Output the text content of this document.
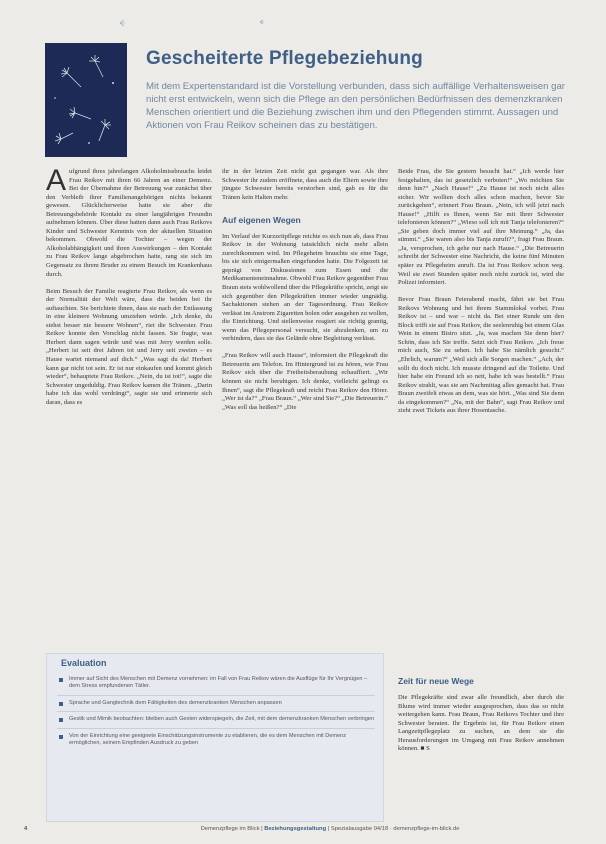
Gescheiterte Pflegebeziehung
Mit dem Expertenstandard ist die Vorstellung verbunden, dass sich auffällige Verhaltensweisen gar nicht erst entwickeln, wenn sich die Pflege an den persönlichen Bedürfnissen des demenzkranken Menschen orientiert und die Beziehung zwischen ihm und den Pflegenden stimmt. Aussagen und Aktionen von Frau Reikov scheinen das zu bestätigen.

Aufgrund ihres jahrelangen Alkoholmissbrauchs leidet Frau Reikov mit ihren 66 Jahren an einer Demenz. Bei der Übernahme der Betreuung war zunächst über den Verbleib ihrer Familienangehörigen nichts bekannt gewesen. Glücklicherweise hatte sie aber die Betreuungsbehörde Kontakt zu einer langjährigen Freundin aufnehmen können. Über diese hatten dann auch Frau Reikovs Kinder und Schwester Kenntnis von der aktuellen Situation bekommen. Obwohl die Tochter – wegen der Alkoholabhängigkeit und ihren Auswirkungen – den Kontakt zu Frau Reikov lange abgebrochen hatte, rang sie sich im Gegensatz zu ihrem Bruder zu einem Besuch im Krankenhaus durch.

Beim Besuch der Familie reagierte Frau Reikov, als wenn es der Normalität der Welt wäre, dass die beiden bei ihr auftauchten. Sie berichtete ihnen, dass sie nach der Entlassung in eine kleinere Wohnung umziehen würde. „Ich denke, du siehst besser nie bessere Wohnen“, riet die Schwester. Frau Reikov konnte den Vorschlag nicht fassen. Sie fragte, was Herbert dann sagen würde und was mit Jerry werden solle. „Herbert ist seit drei Jahren tot und Jerry seit zweien – es Hause wartet niemand auf dich.“ „Was sagt du da! Herbert kann gar nicht tot sein. Er ist nur einkaufen und kommt gleich wieder“, behauptete Frau Reikov. „Nein, du ist tot!“, sagte die Schwester ungeduldig. Frau Reikov kamen die Tränen. „Darin habe ich das wohl verdrängt“, sagte sie und erinnerte sich daran, dass es

ihr in der letzten Zeit nicht gut gegangen war. Als ihre Schwester ihr zudem eröffnete, dass auch die Eltern sowie ihre jüngste Schwester bereits verstorben sind, gab es für die Tränen kein Halten mehr.

Auf eigenen Wegen

Im Verlauf der Kurzzeitpflege reichte es sich nun ab, dass Frau Reikov in der Wohnung tatsächlich nicht mehr allein zurechtkommen wird. Im Pflegeheim brauchte sie eine Tage, bis sie sich einigermaßen eingefunden hatte. Die Folgezeit ist geprägt von Diskussionen zum Essen und die Medikamenteneinnahme. Obwohl Frau Reikov gegenüber Frau Braun stets wohlwollend über die Pflegekräfte spricht, zeigt sie sich gegenüber den Pflegekräften immer wieder ungnädig. Sachaktionen stehen an der Tagesordnung. Frau Reikov verlässt im Anstrom Zigaretten holen oder ausgehen zu wollen, die Einrichtung. Und stellenweise reagiert sie richtig grantig, wenn das Pflegepersonal versucht, sie abzulenken, um zu verhindern, dass sie das Gelände ohne Begleitung verlässt.

„Frau Reikov will auch Hause“, informiert die Pflegekraft die Betreuerin am Telefon. Im Hintergrund ist zu hören, wie Frau Reikov sich über die Freiheitsberaubung echauffiert. „Wir können sie nicht beruhigen. Ich denke, vielleicht gelingt es Ihnen“, sagt die Pflegekraft und reicht Frau Reikov den Hörer. „Wer ist da?“ „Frau Braun.“ „Wer sind Sie?“ „Die Betreuerin.“ „Was soll das heißen?“ „Die

Beide Frau, die Sie gestern besucht hat.“ „Ich werde hier festgehalten, das ist gesetzlich verboten!“ „Wo möchten Sie denn hin?“ „Nach Hause!“ „Zu Hause ist noch nicht alles sicher. Wir wollten doch alles schon machen, bevor Sie zurückgehen“, erinnert Frau Braun. „Nein, ich will jetzt nach Hause!“ „Hilft es Ihnen, wenn Sie mit Ihrer Schwester telefonieren können?“ „Wieso soll ich mit Tanja telefonieren?“ „Sie geben doch immer viel auf ihre Meinung.“ „Ja, das stimmt.“ „Sie waren also bis Tanja zuruft?“, fragt Frau Braun. „Ja, versprochen, ich gehe nur nach Hause.“ „Die Betreuerin schreibt der Schwester eine Nachricht, die keine fünf Minuten später zu Pflegeheim anruft. Da ist Frau Reikov schon weg. Weil sie zwei Stunden später noch nicht zurück ist, wird die Polizei informiert.

Bevor Frau Braun Feierabend macht, fährt sie bei Frau Reikovs Wohnung und bei ihrem Stammlokal vorbei. Frau Reikov ist – und war – nicht da. Bei einer Runde um den Block trifft sie auf Frau Reikov, die seelenruhig bei einem Glas Wein in einem Bistro sitzt. „Ja, was machen Sie denn hier? Schön, dass ich Sie treffe. Setzt sich Frau Reikov. „Ich freue mich auch, Sie zu sehen. Ich habe Sie nämlich gesucht.“ „Ehrlich, warum?“ „Weil sich alle Sorgen machen.“ „Ach, der sollt du doch nicht. Ich musste dringend auf die Toilette. Und hier habe ein Freund ich so nett, habe ich was bestellt.“ Frau Reikov strahlt, was sie am Nachmittag alles gemacht hat. Frau Braun zweifelt etwas an dem, was sie hört. „Was sind Sie denn da eingekommen?“ „Na, mit der Bahn“, sagt Frau Reikov und zieht zwei Tickets aus ihrer Hosentasche.

Zeit für neue Wege
Die Pflegekräfte sind zwar alle freundlich, aber durch die Blume wird immer wieder ausgesprochen, dass das so nicht weitergehen kann. Frau Braun, Frau Reikovs Tochter und ihre Schwester beraten. Ihr Ergebnis ist, für Frau Reikov einen Langzeitpflegeplatz zu suchen, an dem sie die Herausforderungen im Umgang mit Frau Reikov annehmen können. ■ S
Evaluation
Immer auf Sicht des Menschen mit Demenz vornehmen: im Fall von Frau Reikov wären die Ausflüge für Ihr Vergnügen – dem Stress empfundenen Tätler.
Sprache und Gangtechnik dem Fähigkeiten des demenzkranken Menschen anpassen
Gestik und Mimik beobachten: bleiben auch Gesten widerspiegeln, die Zeit, mit dem demenzkranken Menschen verbringen
Von der Einrichtung eine geeignete Einschätzungsinstrumente zu etablieren, die es dem Menschen mit Demenz ermöglichen, seinem Empfinden Ausdruck zu geben
4	Demenzpflege im Blick | Beziehungsgestaltung | Spezialausgabe 04/18 · demenzpflege-im-blick.de
